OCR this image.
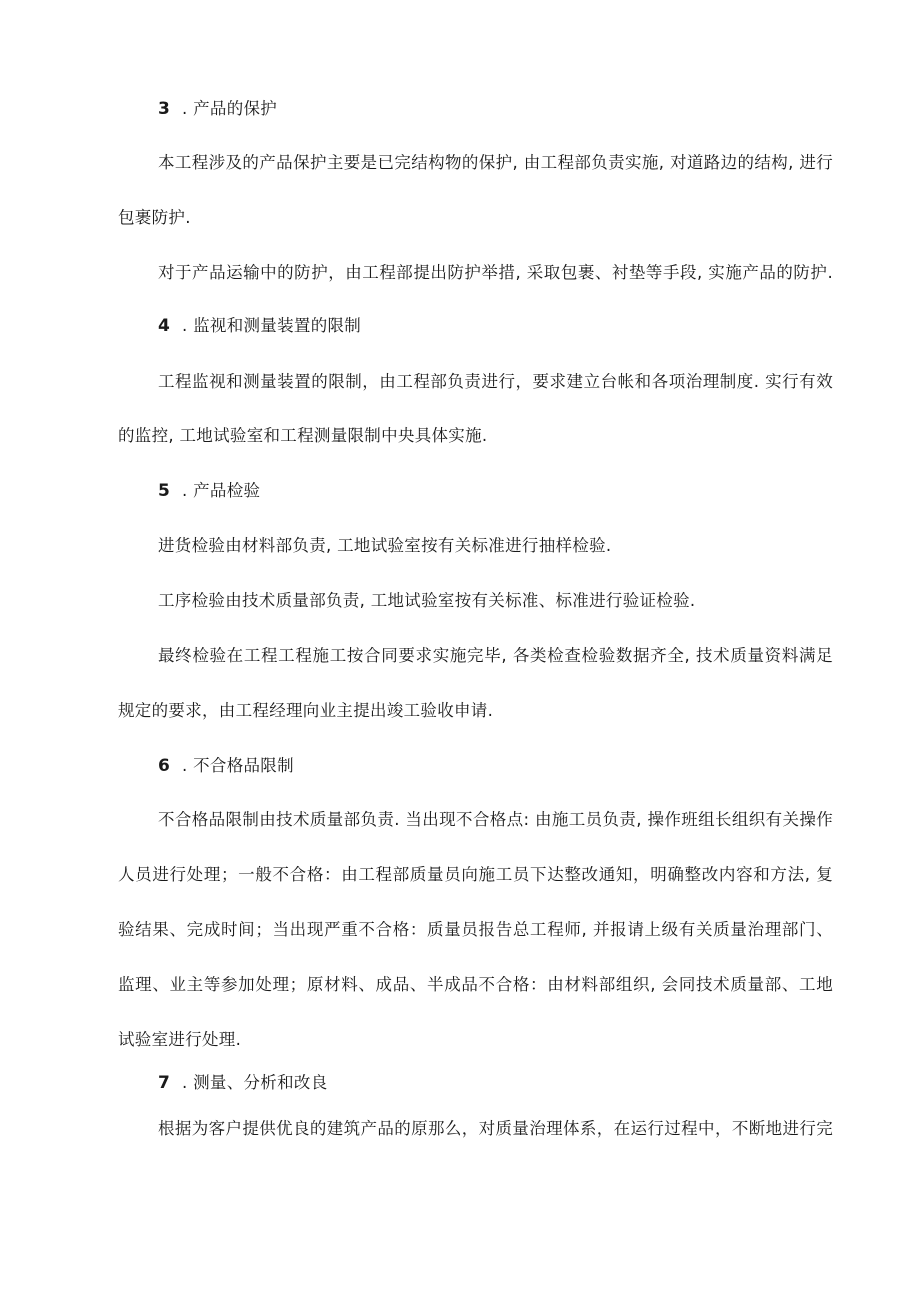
3 . 产品的保护
本工程涉及的产品保护主要是已完结构物的保护, 由工程部负责实施, 对道路边的结构, 进行
包裹防护.
对于产品运输中的防护，由工程部提出防护举措, 采取包裹、衬垫等手段, 实施产品的防护.
4 . 监视和测量装置的限制
工程监视和测量装置的限制，由工程部负责进行，要求建立台帐和各项治理制度. 实行有效
的监控, 工地试验室和工程测量限制中央具体实施.
5 . 产品检验
进货检验由材料部负责, 工地试验室按有关标准进行抽样检验.
工序检验由技术质量部负责, 工地试验室按有关标准、标准进行验证检验.
最终检验在工程工程施工按合同要求实施完毕, 各类检查检验数据齐全, 技术质量资料满足
规定的要求，由工程经理向业主提出竣工验收申请.
6 . 不合格品限制
不合格品限制由技术质量部负责. 当出现不合格点: 由施工员负责, 操作班组长组织有关操作
人员进行处理；一般不合格：由工程部质量员向施工员下达整改通知，明确整改内容和方法, 复
验结果、完成时间；当出现严重不合格：质量员报告总工程师, 并报请上级有关质量治理部门、
监理、业主等参加处理；原材料、成品、半成品不合格：由材料部组织, 会同技术质量部、工地
试验室进行处理.
7 . 测量、分析和改良
根据为客户提供优良的建筑产品的原那么，对质量治理体系，在运行过程中，不断地进行完
